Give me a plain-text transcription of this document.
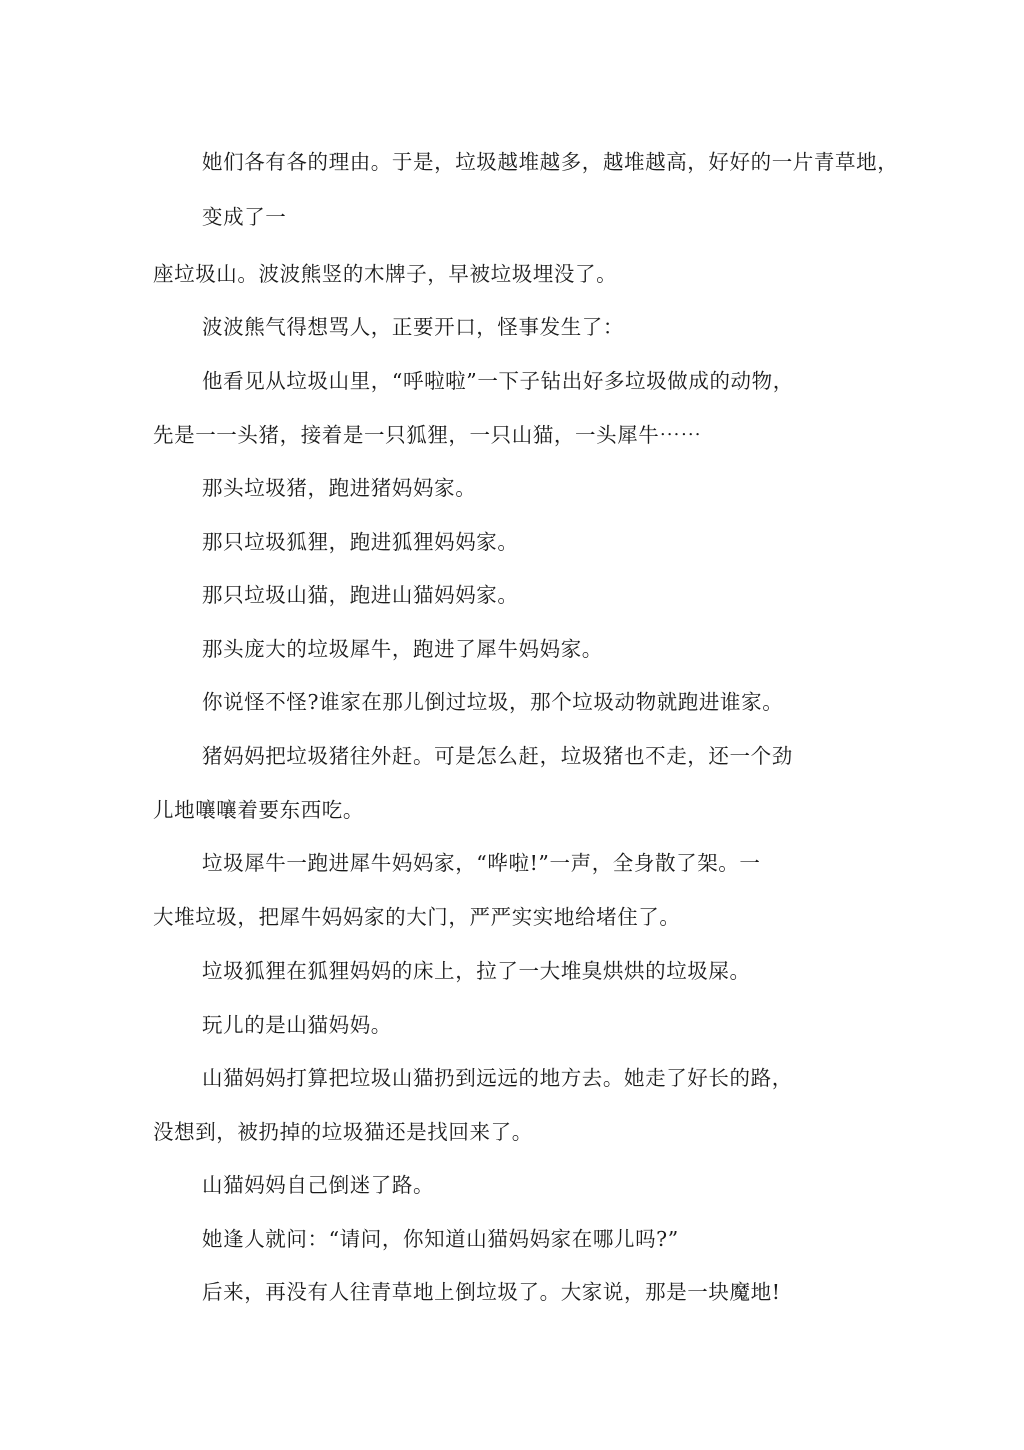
她们各有各的理由。于是，垃圾越堆越多，越堆越高，好好的一片青草地，
变成了一
座垃圾山。波波熊竖的木牌子，早被垃圾埋没了。
波波熊气得想骂人，正要开口，怪事发生了：
他看见从垃圾山里，“呼啦啦”一下子钻出好多垃圾做成的动物，
先是一一头猪，接着是一只狐狸，一只山猫，一头犀牛⋯⋯
那头垃圾猪，跑进猪妈妈家。
那只垃圾狐狸，跑进狐狸妈妈家。
那只垃圾山猫，跑进山猫妈妈家。
那头庞大的垃圾犀牛，跑进了犀牛妈妈家。
你说怪不怪?谁家在那儿倒过垃圾，那个垃圾动物就跑进谁家。
猪妈妈把垃圾猪往外赶。可是怎么赶，垃圾猪也不走，还一个劲
儿地嚷嚷着要东西吃。
垃圾犀牛一跑进犀牛妈妈家，“哗啦!”一声，全身散了架。一
大堆垃圾，把犀牛妈妈家的大门，严严实实地给堵住了。
垃圾狐狸在狐狸妈妈的床上，拉了一大堆臭烘烘的垃圾屎。
玩儿的是山猫妈妈。
山猫妈妈打算把垃圾山猫扔到远远的地方去。她走了好长的路，
没想到，被扔掉的垃圾猫还是找回来了。
山猫妈妈自己倒迷了路。
她逢人就问：“请问，你知道山猫妈妈家在哪儿吗?”
后来，再没有人往青草地上倒垃圾了。大家说，那是一块魔地!
